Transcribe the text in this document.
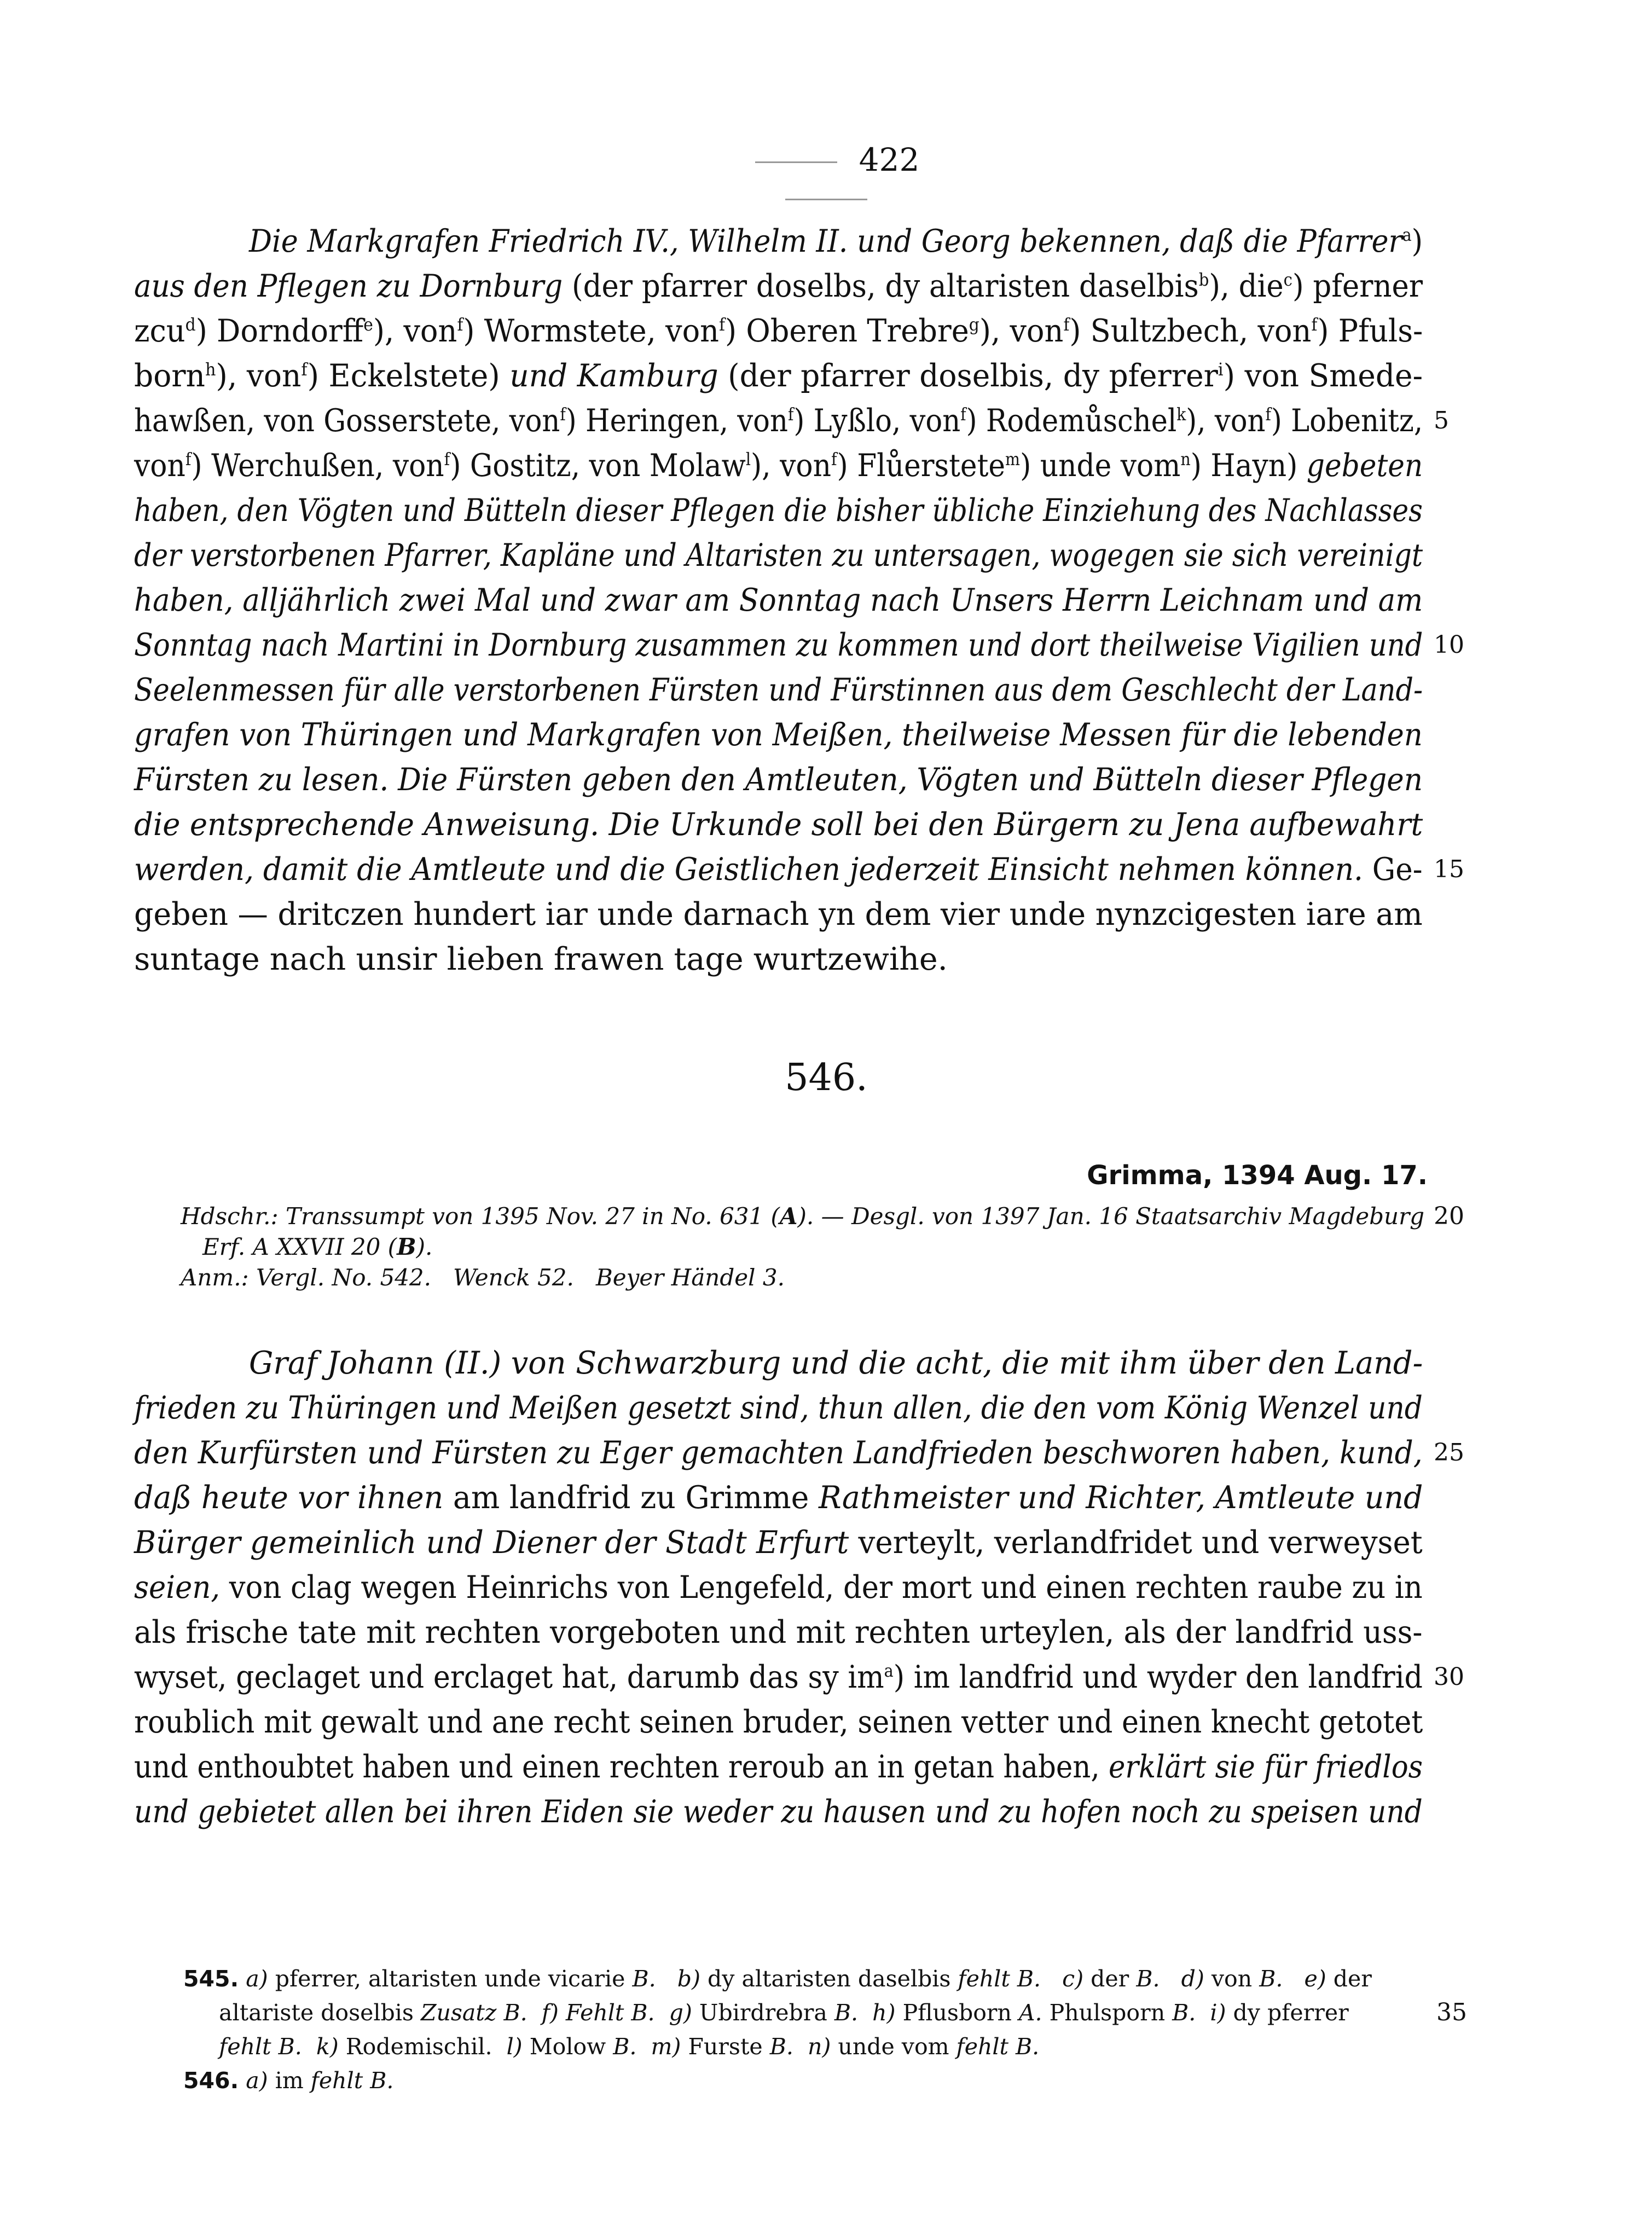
422
Die Markgrafen Friedrich IV., Wilhelm II. und Georg bekennen, daß die Pfarrer$^a$)
aus den Pflegen zu Dornburg (der pfarrer doselbs, dy altaristen daselbis$^b$), die$^c$) pferner
zcu$^d$) Dorndorff$^e$), von$^f$) Wormstete, von$^f$) Oberen Trebre$^g$), von$^f$) Sultzbech, von$^f$) Pfuls-
born$^h$), von$^f$) Eckelstete) und Kamburg (der pfarrer doselbis, dy pferrer$^i$) von Smede-
hawßen, von Gosserstete, von$^f$) Heringen, von$^f$) Lyßlo, von$^f$) Rodemůschel$^k$), von$^f$) Lobenitz, 5
von$^f$) Werchußen, von$^f$) Gostitz, von Molaw$^l$), von$^f$) Flůerstete$^m$) unde vom$^n$) Hayn) gebeten
haben, den Vögten und Bütteln dieser Pflegen die bisher übliche Einziehung des Nachlasses
der verstorbenen Pfarrer, Kapläne und Altaristen zu untersagen, wogegen sie sich vereinigt
haben, alljährlich zwei Mal und zwar am Sonntag nach Unsers Herrn Leichnam und am
Sonntag nach Martini in Dornburg zusammen zu kommen und dort theilweise Vigilien und 10
Seelenmessen für alle verstorbenen Fürsten und Fürstinnen aus dem Geschlecht der Land-
grafen von Thüringen und Markgrafen von Meißen, theilweise Messen für die lebenden
Fürsten zu lesen. Die Fürsten geben den Amtleuten, Vögten und Bütteln dieser Pflegen
die entsprechende Anweisung. Die Urkunde soll bei den Bürgern zu Jena aufbewahrt
werden, damit die Amtleute und die Geistlichen jederzeit Einsicht nehmen können. Ge- 15
geben — dritczen hundert iar unde darnach yn dem vier unde nynzcigesten iare am
suntage nach unsir lieben frawen tage wurtzewihe.
546.
Grimma, 1394 Aug. 17.
Hdschr.: Transsumpt von 1395 Nov. 27 in No. 631 (A). — Desgl. von 1397 Jan. 16 Staatsarchiv Magdeburg 20
Erf. A XXVII 20 (B).
Anm.: Vergl. No. 542.   Wenck 52.   Beyer Händel 3.
Graf Johann (II.) von Schwarzburg und die acht, die mit ihm über den Land-
frieden zu Thüringen und Meißen gesetzt sind, thun allen, die den vom König Wenzel und
den Kurfürsten und Fürsten zu Eger gemachten Landfrieden beschworen haben, kund, 25
daß heute vor ihnen am landfrid zu Grimme Rathmeister und Richter, Amtleute und
Bürger gemeinlich und Diener der Stadt Erfurt verteylt, verlandfridet und verweyset
seien, von clag wegen Heinrichs von Lengefeld, der mort und einen rechten raube zu in
als frische tate mit rechten vorgeboten und mit rechten urteylen, als der landfrid uss-
wyset, geclaget und erclaget hat, darumb das sy $im^a$) im landfrid und wyder den landfrid 30
roublich mit gewalt und ane recht seinen bruder, seinen vetter und einen knecht getotet
und enthoubtet haben und einen rechten reroub an in getan haben, erklärt sie für friedlos
und gebietet allen bei ihren Eiden sie weder zu hausen und zu hofen noch zu speisen und
545. a) pferrer, altaristen unde vicarie B. b) dy altaristen daselbis fehlt B. c) der B. d) von B. e) der
altariste doselbis Zusatz B. f) Fehlt B. g) Ubirdrebra B. h) Pflusborn A. Phulsporn B. i) dy pferrer	35
fehlt B. k) Rodemischil.  l) Molow B. m) Furste B. n) unde vom fehlt B.
546. a) im fehlt B.
